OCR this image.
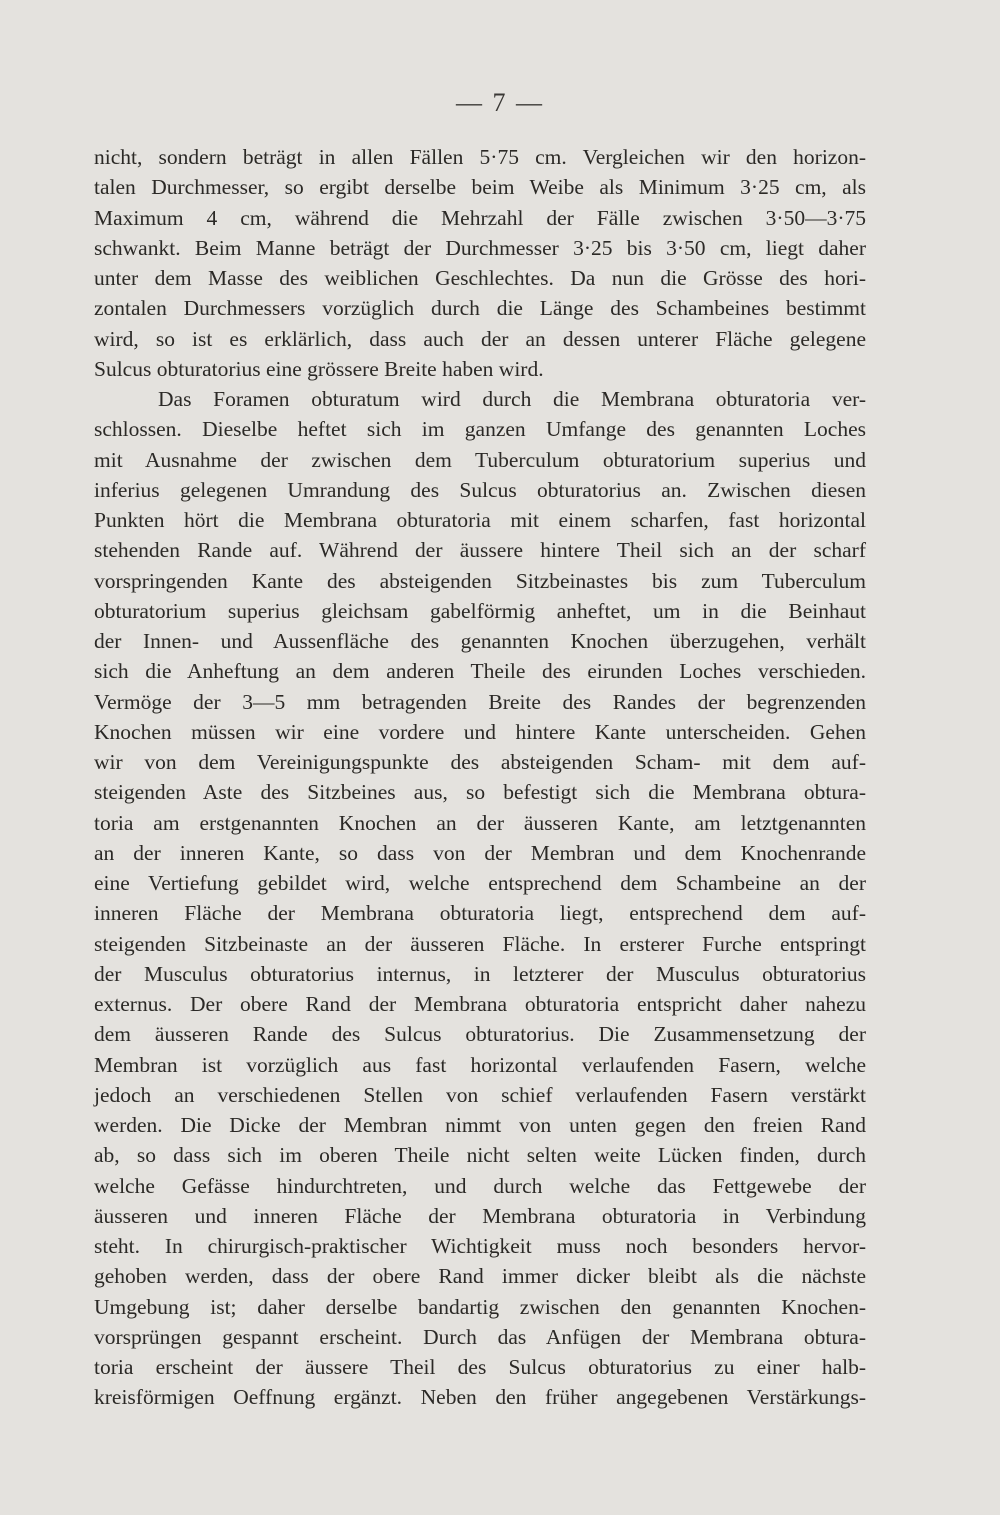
— 7 —
nicht, sondern beträgt in allen Fällen 5·75 cm. Vergleichen wir den horizon-
talen Durchmesser, so ergibt derselbe beim Weibe als Minimum 3·25 cm, als
Maximum 4 cm, während die Mehrzahl der Fälle zwischen 3·50—3·75
schwankt. Beim Manne beträgt der Durchmesser 3·25 bis 3·50 cm, liegt daher
unter dem Masse des weiblichen Geschlechtes. Da nun die Grösse des hori-
zontalen Durchmessers vorzüglich durch die Länge des Schambeines bestimmt
wird, so ist es erklärlich, dass auch der an dessen unterer Fläche gelegene
Sulcus obturatorius eine grössere Breite haben wird.
Das Foramen obturatum wird durch die Membrana obturatoria ver-
schlossen. Dieselbe heftet sich im ganzen Umfange des genannten Loches
mit Ausnahme der zwischen dem Tuberculum obturatorium superius und
inferius gelegenen Umrandung des Sulcus obturatorius an. Zwischen diesen
Punkten hört die Membrana obturatoria mit einem scharfen, fast horizontal
stehenden Rande auf. Während der äussere hintere Theil sich an der scharf
vorspringenden Kante des absteigenden Sitzbeinastes bis zum Tuberculum
obturatorium superius gleichsam gabelförmig anheftet, um in die Beinhaut
der Innen- und Aussenfläche des genannten Knochen überzugehen, verhält
sich die Anheftung an dem anderen Theile des eirunden Loches verschieden.
Vermöge der 3—5 mm betragenden Breite des Randes der begrenzenden
Knochen müssen wir eine vordere und hintere Kante unterscheiden. Gehen
wir von dem Vereinigungspunkte des absteigenden Scham- mit dem auf-
steigenden Aste des Sitzbeines aus, so befestigt sich die Membrana obtura-
toria am erstgenannten Knochen an der äusseren Kante, am letztgenannten
an der inneren Kante, so dass von der Membran und dem Knochenrande
eine Vertiefung gebildet wird, welche entsprechend dem Schambeine an der
inneren Fläche der Membrana obturatoria liegt, entsprechend dem auf-
steigenden Sitzbeinaste an der äusseren Fläche. In ersterer Furche entspringt
der Musculus obturatorius internus, in letzterer der Musculus obturatorius
externus. Der obere Rand der Membrana obturatoria entspricht daher nahezu
dem äusseren Rande des Sulcus obturatorius. Die Zusammensetzung der
Membran ist vorzüglich aus fast horizontal verlaufenden Fasern, welche
jedoch an verschiedenen Stellen von schief verlaufenden Fasern verstärkt
werden. Die Dicke der Membran nimmt von unten gegen den freien Rand
ab, so dass sich im oberen Theile nicht selten weite Lücken finden, durch
welche Gefässe hindurchtreten, und durch welche das Fettgewebe der
äusseren und inneren Fläche der Membrana obturatoria in Verbindung
steht. In chirurgisch-praktischer Wichtigkeit muss noch besonders hervor-
gehoben werden, dass der obere Rand immer dicker bleibt als die nächste
Umgebung ist; daher derselbe bandartig zwischen den genannten Knochen-
vorsprüngen gespannt erscheint. Durch das Anfügen der Membrana obtura-
toria erscheint der äussere Theil des Sulcus obturatorius zu einer halb-
kreisförmigen Oeffnung ergänzt. Neben den früher angegebenen Verstärkungs-
